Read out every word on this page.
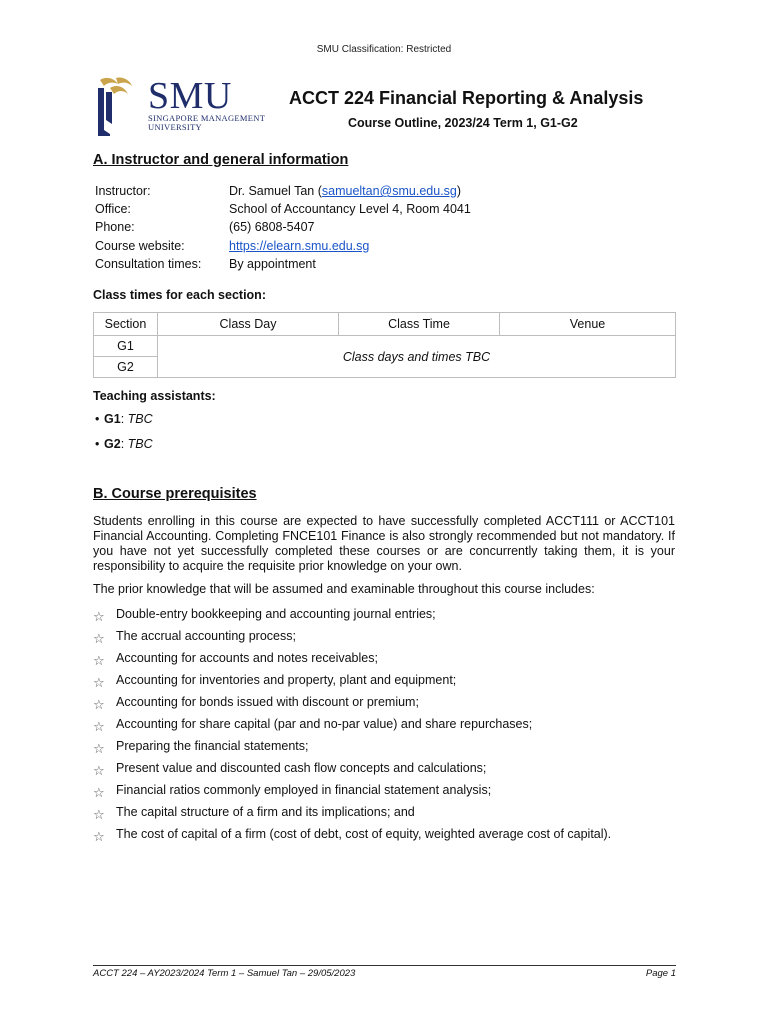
SMU Classification: Restricted
SMU
SINGAPORE MANAGEMENT
UNIVERSITY
ACCT 224 Financial Reporting & Analysis
Course Outline, 2023/24 Term 1, G1-G2
A. Instructor and general information
Instructor:	Dr. Samuel Tan (samueltan@smu.edu.sg)
Office:	School of Accountancy Level 4, Room 4041
Phone:	(65) 6808-5407
Course website:	https://elearn.smu.edu.sg
Consultation times: By appointment
Class times for each section:
Section	Class Day	Class Time	Venue
G1	Class days and times TBC		
G2			
Teaching assistants:
• G1: TBC
• G2: TBC
B. Course prerequisites
Students enrolling in this course are expected to have successfully completed ACCT111 or ACCT101 Financial Accounting. Completing FNCE101 Finance is also strongly recommended but not mandatory. If you have not yet successfully completed these courses or are concurrently taking them, it is your responsibility to acquire the requisite prior knowledge on your own.
The prior knowledge that will be assumed and examinable throughout this course includes:
☆ Double-entry bookkeeping and accounting journal entries;
☆ The accrual accounting process;
☆ Accounting for accounts and notes receivables;
☆ Accounting for inventories and property, plant and equipment;
☆ Accounting for bonds issued with discount or premium;
☆ Accounting for share capital (par and no-par value) and share repurchases;
☆ Preparing the financial statements;
☆ Present value and discounted cash flow concepts and calculations;
☆ Financial ratios commonly employed in financial statement analysis;
☆ The capital structure of a firm and its implications; and
☆ The cost of capital of a firm (cost of debt, cost of equity, weighted average cost of capital).
ACCT 224 – AY2023/2024 Term 1 – Samuel Tan – 29/05/2023	Page 1
